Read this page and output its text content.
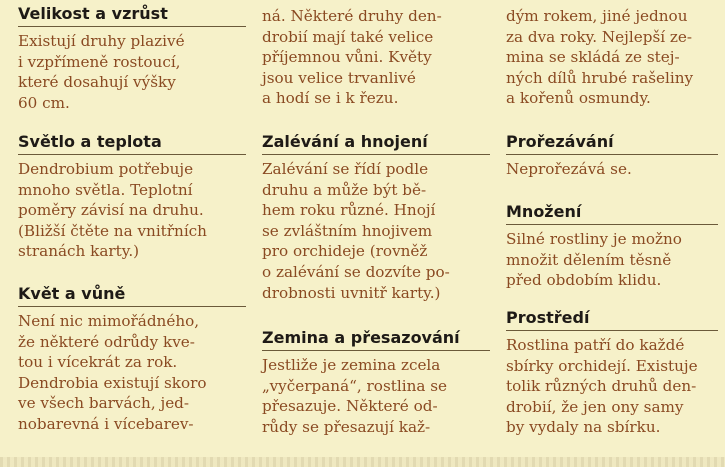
Velikost a vzrůst

Existují druhy plazivé
i vzpřímeně rostoucí,
které dosahují výšky
60 cm.

Světlo a teplota

Dendrobium potřebuje
mnoho světla. Teplotní
poměry závisí na druhu.
(Bližší čtěte na vnitřních
stranách karty.)

Květ a vůně

Není nic mimořádného,
že některé odrůdy kve-
tou i vícekrát za rok.
Dendrobia existují skoro
ve všech barvách, jed-
nobarevná i vícebarev-

ná. Některé druhy den-
drobií mají také velice
příjemnou vůni. Květy
jsou velice trvanlivé
a hodí se i k řezu.

Zalévání a hnojení

Zalévání se řídí podle
druhu a může být bě-
hem roku různé. Hnojí
se zvláštním hnojivem
pro orchideje (rovněž
o zalévání se dozvíte po-
drobnosti uvnitř karty.)

Zemina a přesazování

Jestliže je zemina zcela
„vyčerpaná“, rostlina se
přesazuje. Některé od-
růdy se přesazují kaž-

dým rokem, jiné jednou
za dva roky. Nejlepší ze-
mina se skládá ze stej-
ných dílů hrubé rašeliny
a kořenů osmundy.

Prořezávání

Neprořezává se.

Množení

Silné rostliny je možno
množit dělením těsně
před obdobím klidu.

Prostředí

Rostlina patří do každé
sbírky orchidejí. Existuje
tolik různých druhů den-
drobií, že jen ony samy
by vydaly na sbírku.
